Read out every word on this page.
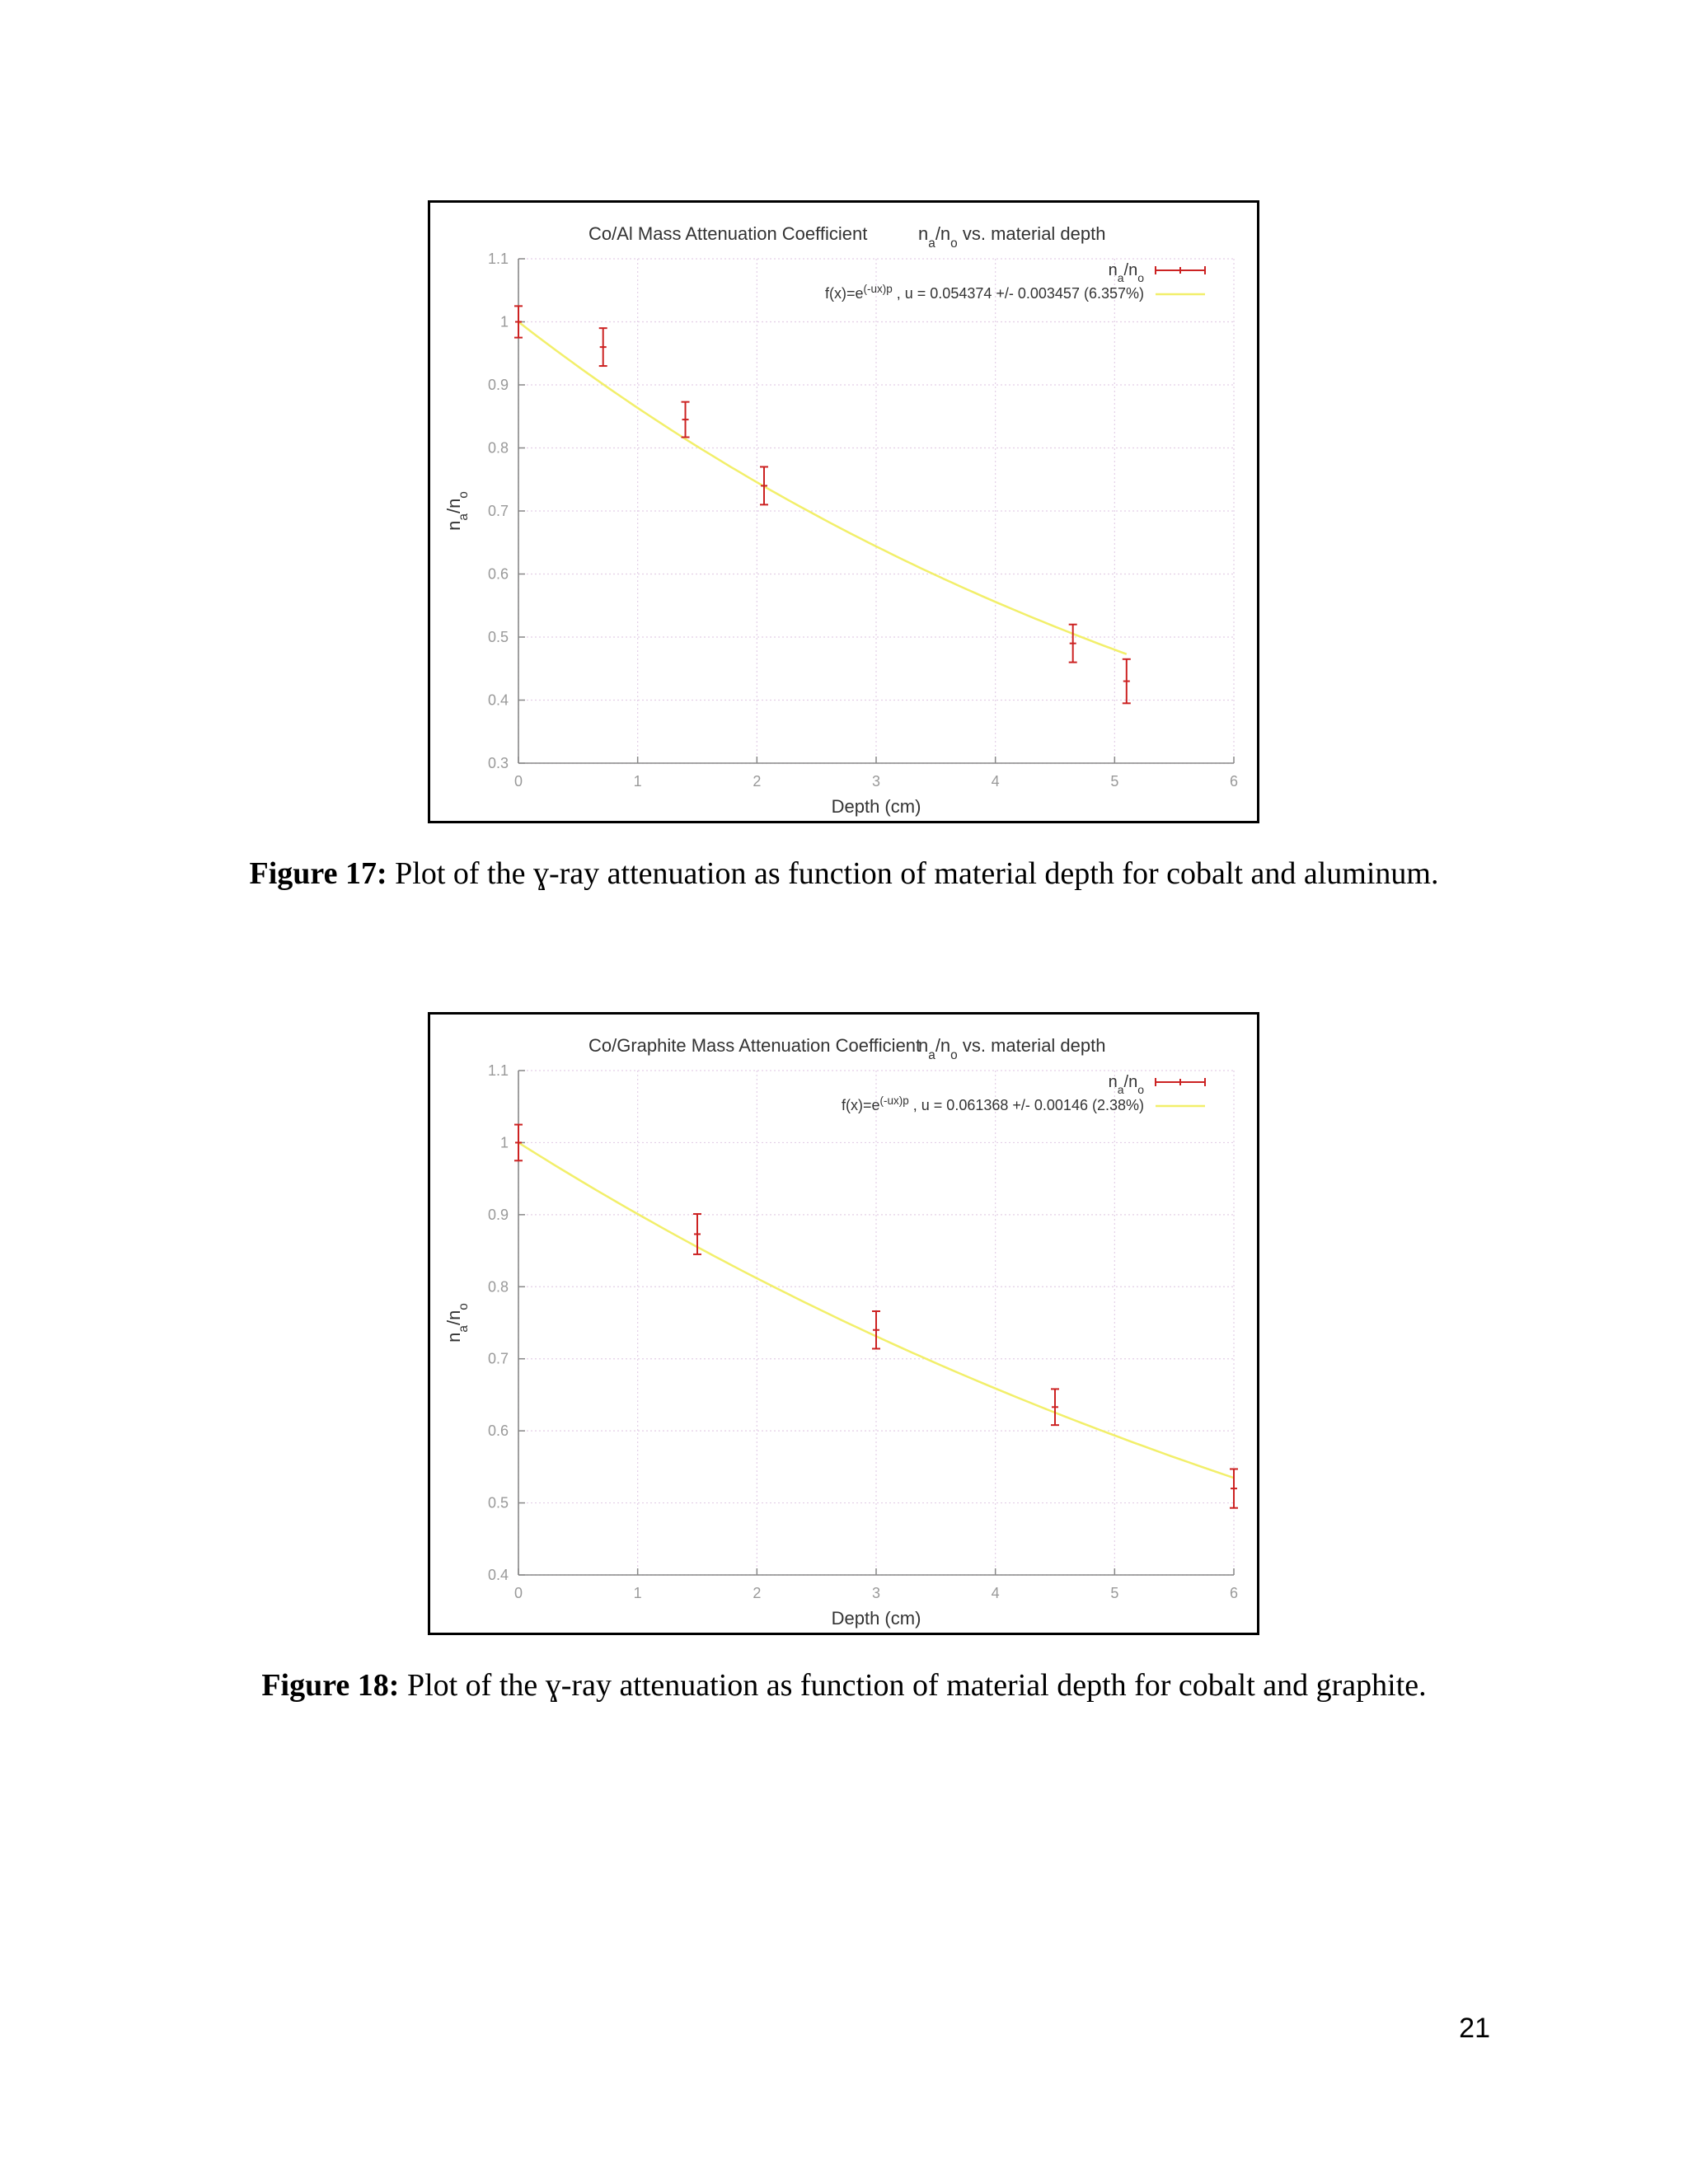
Co/Al Mass Attenuation Coefficient	$n_a/n_o$ vs. material depth
0	1	2	3	4	5	6
0.3
0.4
0.5
0.6
0.7
0.8
0.9
1
1.1
Depth (cm)
$n_a/n_o$
$n_a/n_o$
$f(x)=e^{(-ux)p}$ , u = 0.054374 +/- 0.003457 (6.357%)
Figure 17: Plot of the ɣ-ray attenuation as function of material depth for cobalt and aluminum.
Co/Graphite Mass Attenuation Coefficient
$n_a/n_o$ vs. material depth
0	1	2	3	4	5	6
0.4
0.5
0.6
0.7
0.8
0.9
1
1.1
Depth (cm)
$n_a/n_o$
$n_a/n_o$
$f(x)=e^{(-ux)p}$ , u = 0.061368 +/- 0.00146 (2.38%)
Figure 18: Plot of the ɣ-ray attenuation as function of material depth for cobalt and graphite.
21
